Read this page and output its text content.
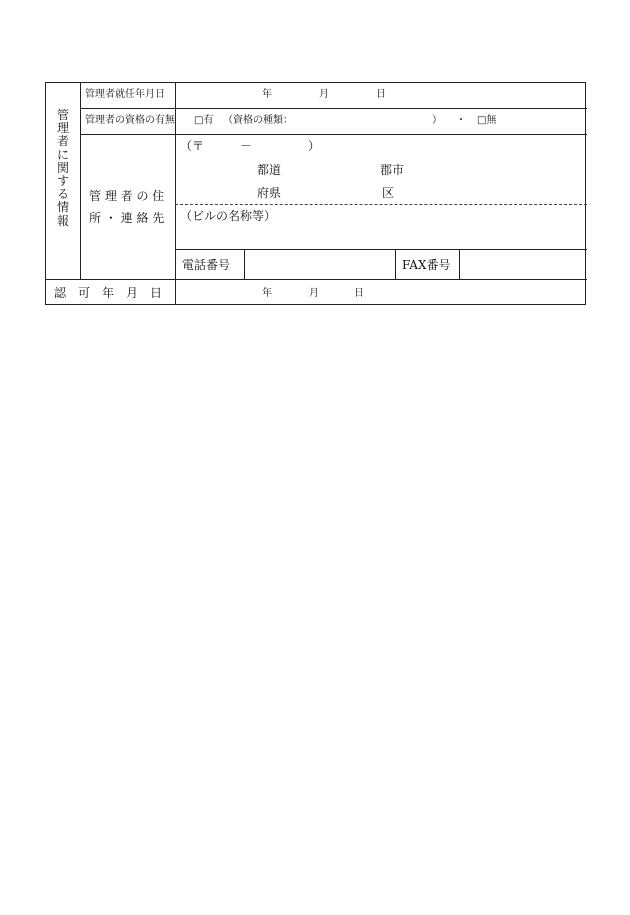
管
理
者
に
関
す
る
情
報
管理者就任年月日	年	月	日
管理者の資格の有無 □有 （資格の種類：	） ・ □無
管 理 者 の 住
所 ・ 連 絡 先
（〒	－	）
都道	郡市
府県	区
（ビルの名称等）
電話番号	FAX番号
認　可　年　月　日	年	月	日
